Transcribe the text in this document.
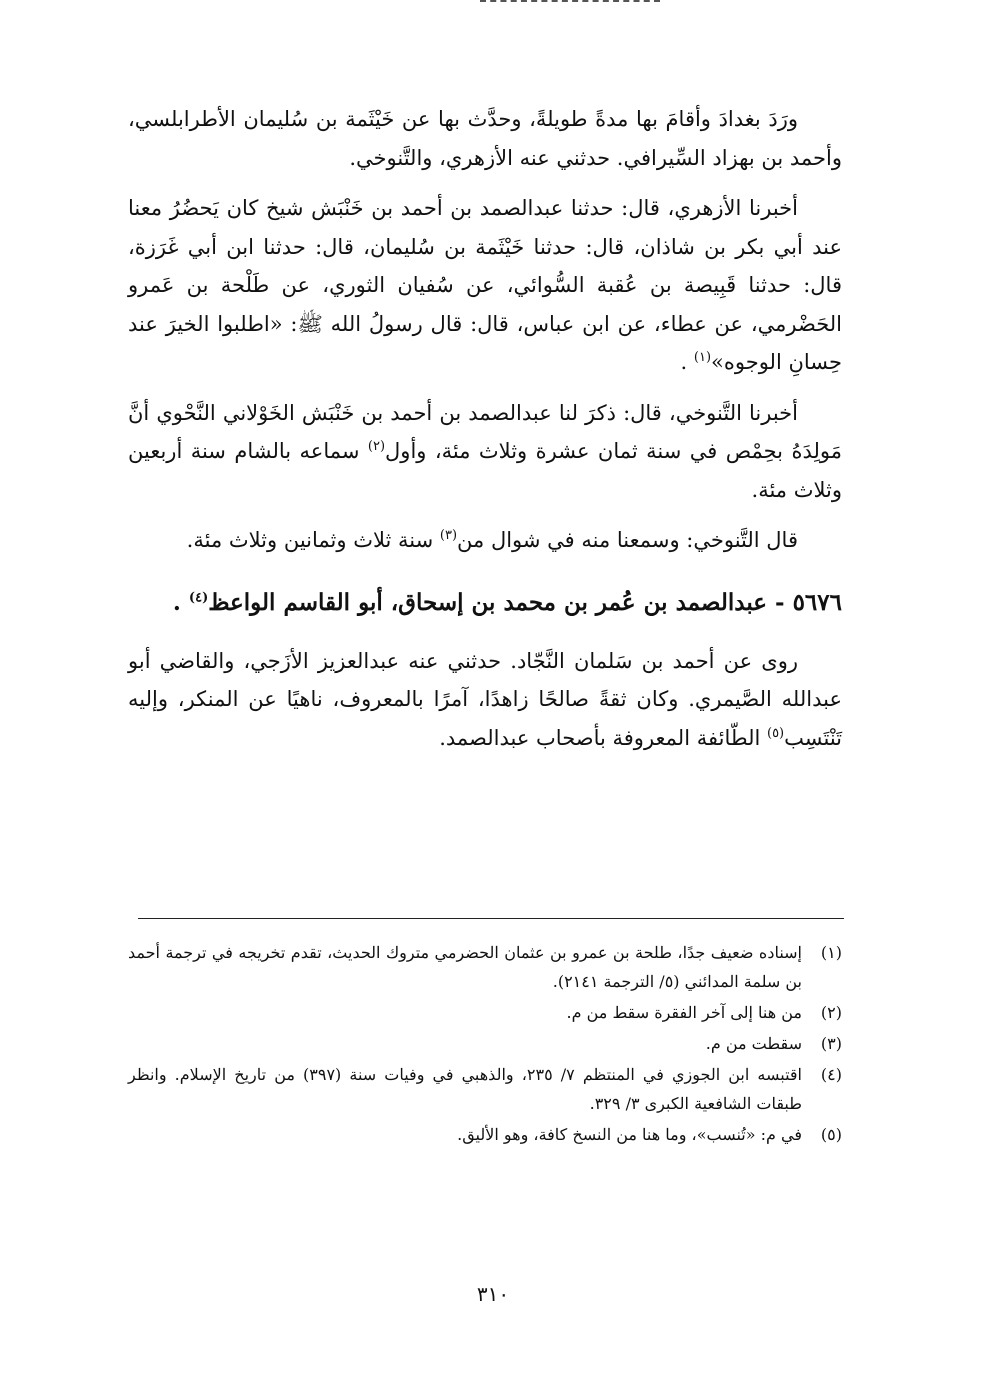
ورَدَ بغدادَ وأقامَ بها مدةً طويلةً، وحدَّث بها عن خَيْثَمة بن سُليمان الأطرابلسي، وأحمد بن بهزاد السِّيرافي. حدثني عنه الأزهري، والتَّنوخي.

أخبرنا الأزهري، قال: حدثنا عبدالصمد بن أحمد بن خَنْبَش شيخ كان يَحضُرُ معنا عند أبي بكر بن شاذان، قال: حدثنا خَيْثَمة بن سُليمان، قال: حدثنا ابن أبي غَرَزة، قال: حدثنا قَبِيصة بن عُقبة السُّوائي، عن سُفيان الثوري، عن طَلْحة بن عَمرو الحَضْرمي، عن عطاء، عن ابن عباس، قال: قال رسولُ الله ﷺ: «اطلبوا الخيرَ عند حِسانِ الوجوه»$^{(١)}$ .

أخبرنا التَّنوخي، قال: ذكرَ لنا عبدالصمد بن أحمد بن خَنْبَش الخَوْلاني النَّحْوي أنَّ مَولِدَهُ بحِمْص في سنة ثمان عشرة وثلاث مئة، وأول$^{(٢)}$ سماعه بالشام سنة أربعين وثلاث مئة.

قال التَّنوخي: وسمعنا منه في شوال من$^{(٣)}$ سنة ثلاث وثمانين وثلاث مئة.

٥٦٧٦ - عبدالصمد بن عُمر بن محمد بن إسحاق، أبو القاسم الواعظ$^{(٤)}$ .

روى عن أحمد بن سَلمان النَّجّاد. حدثني عنه عبدالعزيز الأزَجي، والقاضي أبو عبدالله الصَّيمري. وكان ثقةً صالحًا زاهدًا، آمرًا بالمعروف، ناهيًا عن المنكر، وإليه تَنْتَسِب$^{(٥)}$ الطّائفة المعروفة بأصحاب عبدالصمد.

(١)
إسناده ضعيف جدًا، طلحة بن عمرو بن عثمان الحضرمي متروك الحديث، تقدم تخريجه في ترجمة أحمد بن سلمة المدائني (٥/ الترجمة ٢١٤١).
(٢)
من هنا إلى آخر الفقرة سقط من م.
(٣)
سقطت من م.
(٤)
اقتبسه ابن الجوزي في المنتظم ٧/ ٢٣٥، والذهبي في وفيات سنة (٣٩٧) من تاريخ الإسلام. وانظر طبقات الشافعية الكبرى ٣/ ٣٢٩.
(٥)
في م: «تُنسب»، وما هنا من النسخ كافة، وهو الأليق.
٣١٠
